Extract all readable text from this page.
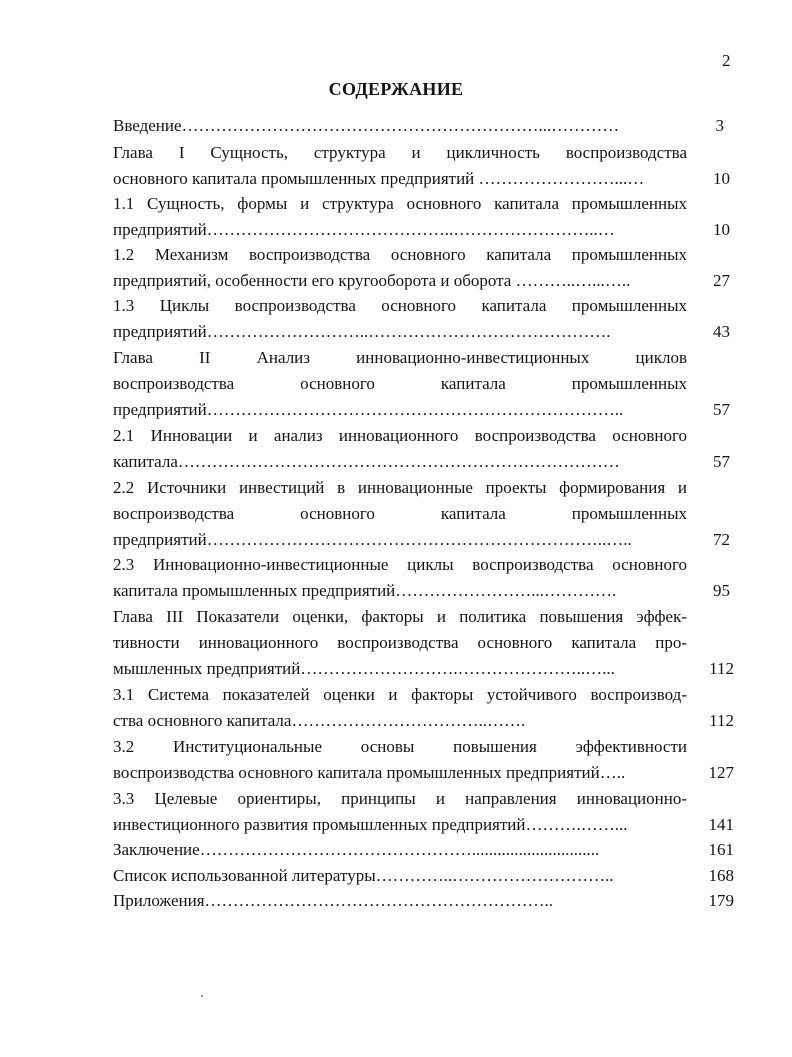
2
СОДЕРЖАНИЕ
Введение………………………………………………………...…………	3
Глава I Сущность, структура и цикличность воспроизводства
основного капитала промышленных предприятий ……………………...…	10
1.1 Сущность, формы и структура основного капитала промышленных
предприятий……………………………………..……………………..…	10
1.2 Механизм воспроизводства основного капитала промышленных
предприятий, особенности его кругооборота и оборота ………..…...…..	27
1.3 Циклы воспроизводства основного капитала промышленных
предприятий………………………..…………………………………….	43
Глава II Анализ инновационно-инвестиционных циклов
воспроизводства основного капитала промышленных
предприятий………………………………………………………………..	57
2.1 Инновации и анализ инновационного воспроизводства основного
капитала……………………………………………………………………	57
2.2 Источники инвестиций в инновационные проекты формирования и
воспроизводства основного капитала промышленных
предприятий……………………………………………………………..…..	72
2.3 Инновационно-инвестиционные циклы воспроизводства основного
капитала промышленных предприятий……………………...………….	95
Глава III Показатели оценки, факторы и политика повышения эффек-
тивности инновационного воспроизводства основного капитала про-
мышленных предприятий……………………….…………………..…...	112
3.1 Система показателей оценки и факторы устойчивого воспроизвод-
ства основного капитала……………………………..…….	112
3.2 Институциональные основы повышения эффективности
воспроизводства основного капитала промышленных предприятий…..	127
3.3 Целевые ориентиры, принципы и направления инновационно-
инвестиционного развития промышленных предприятий……….……...	141
Заключение…………………………………………..............................	161
Список использованной литературы…………..………………………..	168
Приложения……………………………………………………..	179
